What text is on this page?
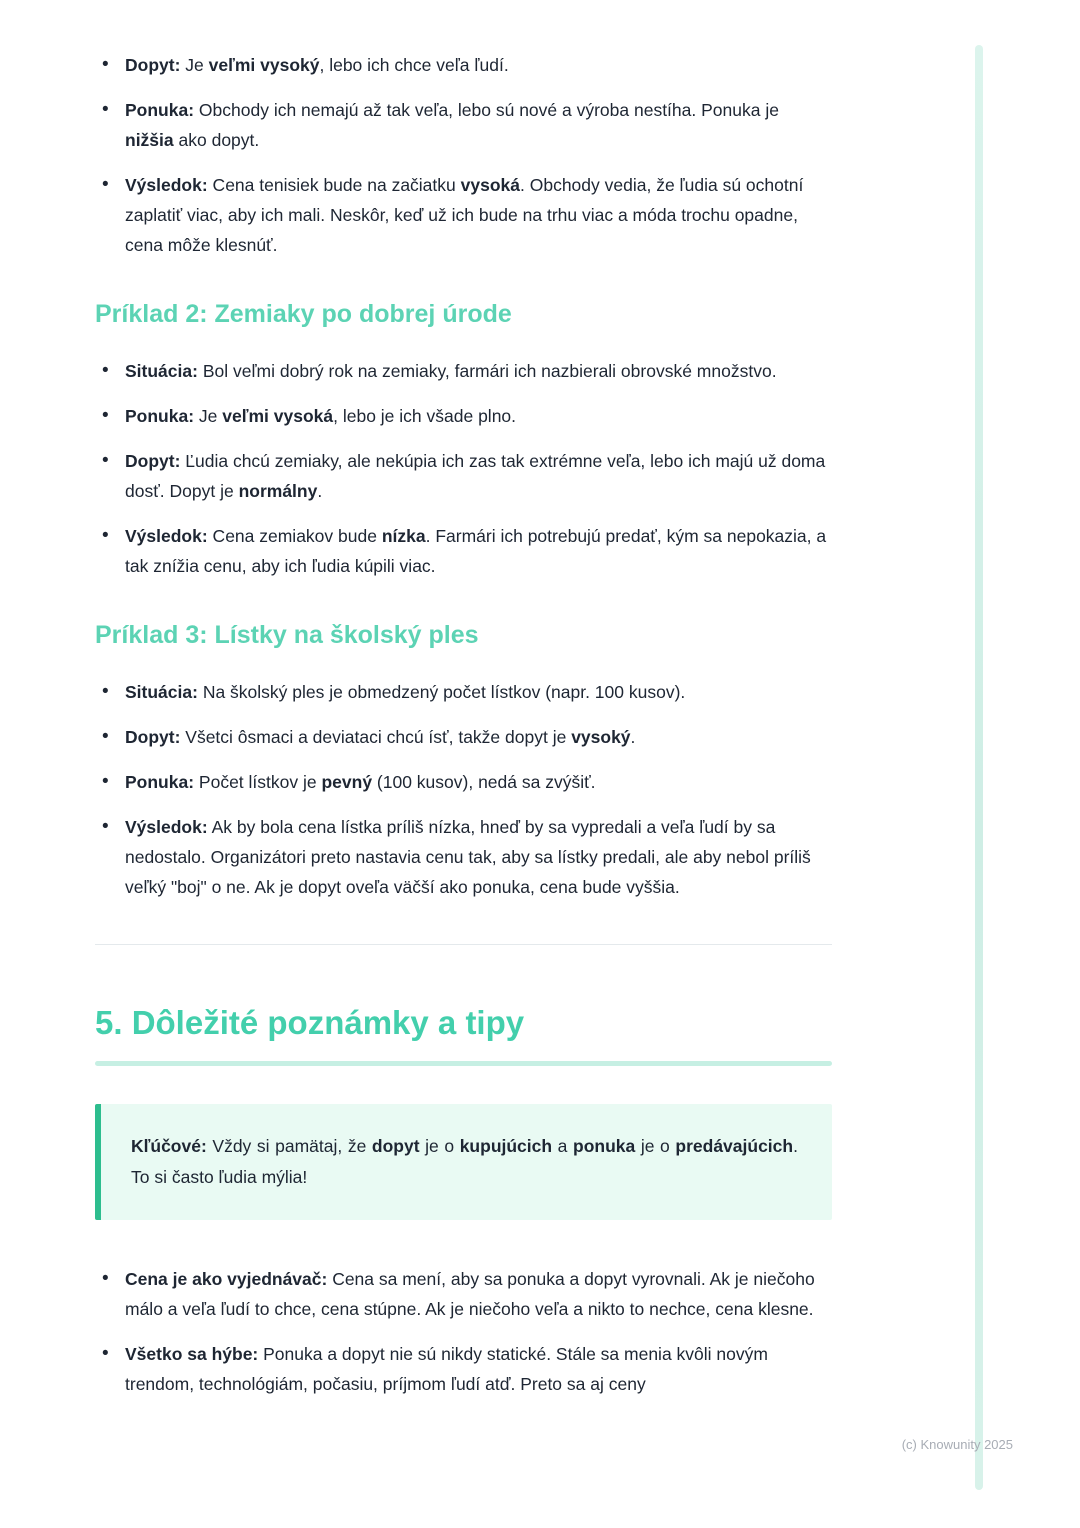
• Dopyt: Je veľmi vysoký, lebo ich chce veľa ľudí.
• Ponuka: Obchody ich nemajú až tak veľa, lebo sú nové a výroba nestíha. Ponuka je nižšia ako dopyt.
• Výsledok: Cena tenisiek bude na začiatku vysoká. Obchody vedia, že ľudia sú ochotní zaplatiť viac, aby ich mali. Neskôr, keď už ich bude na trhu viac a móda trochu opadne, cena môže klesnúť.
Príklad 2: Zemiaky po dobrej úrode
• Situácia: Bol veľmi dobrý rok na zemiaky, farmári ich nazbierali obrovské množstvo.
• Ponuka: Je veľmi vysoká, lebo je ich všade plno.
• Dopyt: Ľudia chcú zemiaky, ale nekúpia ich zas tak extrémne veľa, lebo ich majú už doma dosť. Dopyt je normálny.
• Výsledok: Cena zemiakov bude nízka. Farmári ich potrebujú predať, kým sa nepokazia, a tak znížia cenu, aby ich ľudia kúpili viac.
Príklad 3: Lístky na školský ples
• Situácia: Na školský ples je obmedzený počet lístkov (napr. 100 kusov).
• Dopyt: Všetci ôsmaci a deviataci chcú ísť, takže dopyt je vysoký.
• Ponuka: Počet lístkov je pevný (100 kusov), nedá sa zvýšiť.
• Výsledok: Ak by bola cena lístka príliš nízka, hneď by sa vypredali a veľa ľudí by sa nedostalo. Organizátori preto nastavia cenu tak, aby sa lístky predali, ale aby nebol príliš veľký "boj" o ne. Ak je dopyt oveľa väčší ako ponuka, cena bude vyššia.
5. Dôležité poznámky a tipy

Kľúčové: Vždy si pamätaj, že dopyt je o kupujúcich a ponuka je o predávajúcich. To si často ľudia mýlia!

• Cena je ako vyjednávač: Cena sa mení, aby sa ponuka a dopyt vyrovnali. Ak je niečoho málo a veľa ľudí to chce, cena stúpne. Ak je niečoho veľa a nikto to nechce, cena klesne.
• Všetko sa hýbe: Ponuka a dopyt nie sú nikdy statické. Stále sa menia kvôli novým trendom, technológiám, počasiu, príjmom ľudí atď. Preto sa aj ceny
(c) Knowunity 2025
